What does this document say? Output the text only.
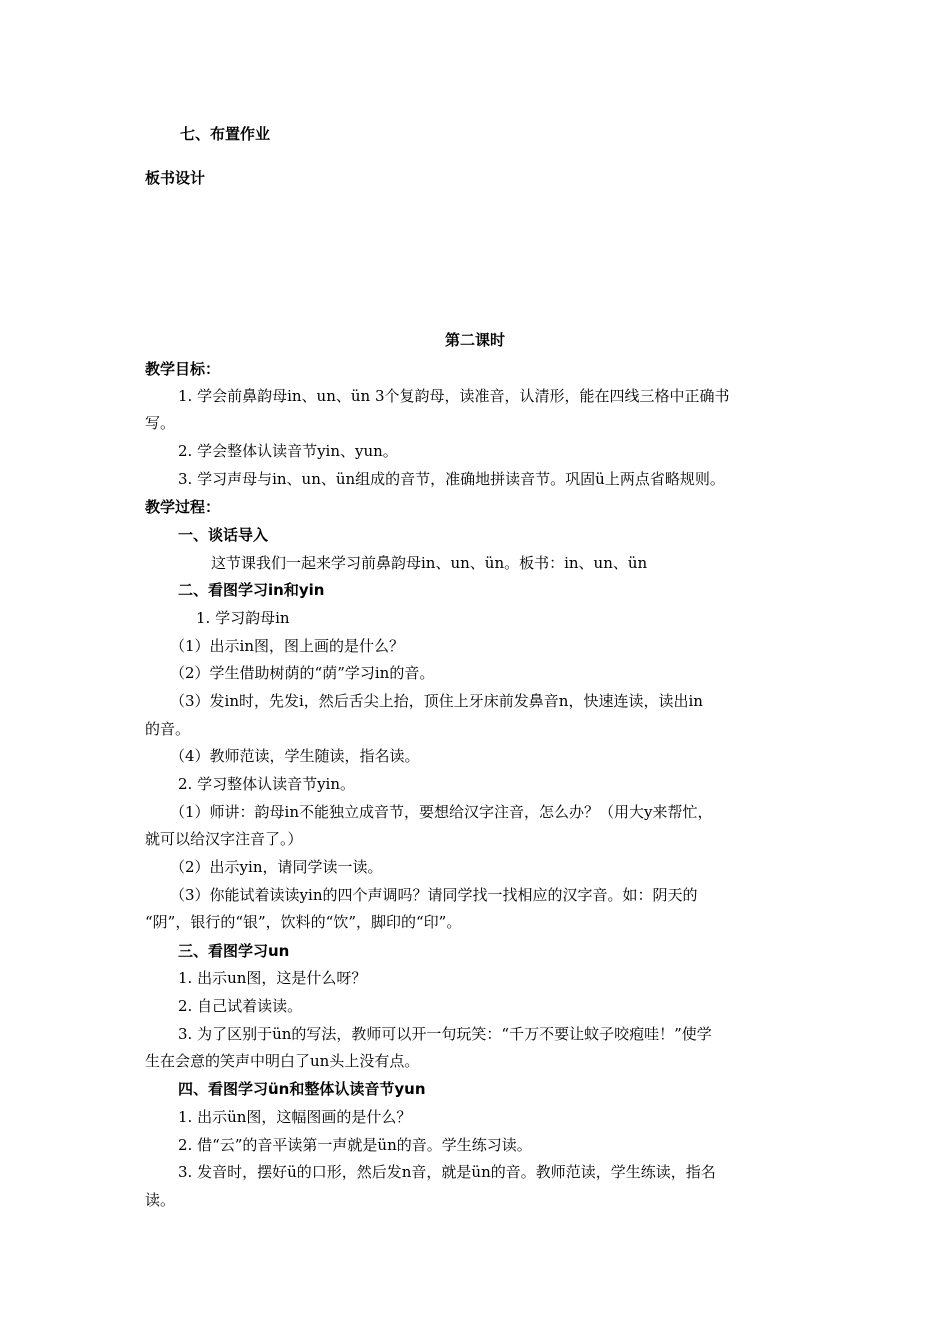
七、布置作业
板书设计
第二课时
教学目标：
1. 学会前鼻韵母in、un、ün 3个复韵母，读准音，认清形，能在四线三格中正确书
写。
2. 学会整体认读音节yin、yun。
3. 学习声母与in、un、ün组成的音节，准确地拼读音节。巩固ü上两点省略规则。
教学过程：
一、谈话导入
这节课我们一起来学习前鼻韵母in、un、ün。板书：in、un、ün
二、看图学习in和yin
1. 学习韵母in
（1）出示in图，图上画的是什么？
（2）学生借助树荫的“荫”学习in的音。
（3）发in时，先发i，然后舌尖上抬，顶住上牙床前发鼻音n，快速连读，读出in
的音。
（4）教师范读，学生随读，指名读。
2. 学习整体认读音节yin。
（1）师讲：韵母in不能独立成音节，要想给汉字注音，怎么办？（用大y来帮忙，
就可以给汉字注音了。）
（2）出示yin，请同学读一读。
（3）你能试着读读yin的四个声调吗？请同学找一找相应的汉字音。如：阴天的
“阴”，银行的“银”，饮料的“饮”，脚印的“印”。
三、看图学习un
1. 出示un图，这是什么呀？
2. 自己试着读读。
3. 为了区别于ün的写法，教师可以开一句玩笑：“千万不要让蚊子咬疱哇！”使学
生在会意的笑声中明白了un头上没有点。
四、看图学习ün和整体认读音节yun
1. 出示ün图，这幅图画的是什么？
2. 借“云”的音平读第一声就是ün的音。学生练习读。
3. 发音时，摆好ü的口形，然后发n音，就是ün的音。教师范读，学生练读，指名
读。
